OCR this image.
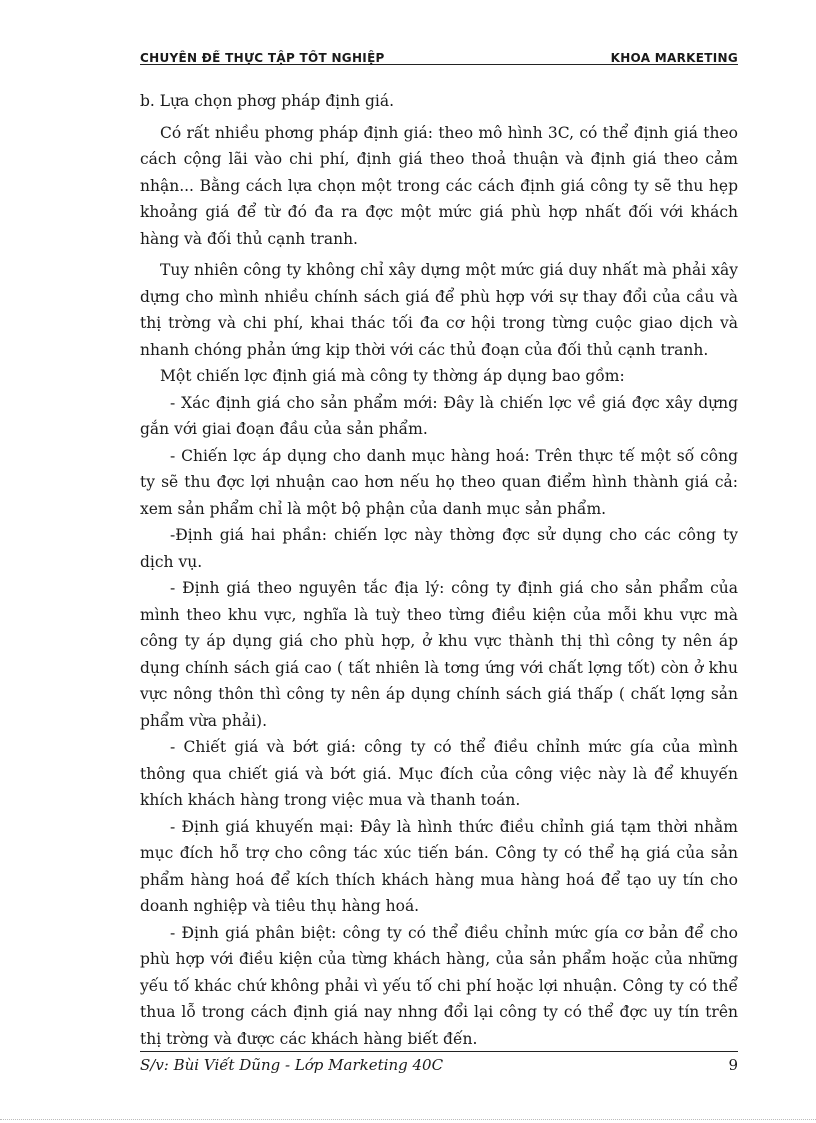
CHUYÊN ĐỀ THỰC TẬP TỐT NGHIỆP	KHOA MARKETING

b. Lựa chọn phơg pháp định giá.

Có rất nhiều phơng pháp định giá: theo mô hình 3C, có thể định giá theo cách cộng lãi vào chi phí, định giá theo thoả thuận và định giá theo cảm nhận... Bằng cách lựa chọn một trong các cách định giá công ty sẽ thu hẹp khoảng giá để từ đó đa ra đợc một mức giá phù hợp nhất đối với khách hàng và đối thủ cạnh tranh.

Tuy nhiên công ty không chỉ xây dựng một mức giá duy nhất mà phải xây dựng cho mình nhiều chính sách giá để phù hợp với sự thay đổi của cầu và thị trờng và chi phí, khai thác tối đa cơ hội trong từng cuộc giao dịch và nhanh chóng phản ứng kịp thời với các thủ đoạn của đối thủ cạnh tranh.

Một chiến lợc định giá mà công ty thờng áp dụng bao gồm:

- Xác định giá cho sản phẩm mới: Đây là chiến lợc về giá đợc xây dựng gắn với giai đoạn đầu của sản phẩm.

- Chiến lợc áp dụng cho danh mục hàng hoá: Trên thực tế một số công ty sẽ thu đợc lợi nhuận cao hơn nếu họ theo quan điểm hình thành giá cả: xem sản phẩm chỉ là một bộ phận của danh mục sản phẩm.

-Định giá hai phần: chiến lợc này thờng đợc sử dụng cho các công ty dịch vụ.

- Định giá theo nguyên tắc địa lý: công ty định giá cho sản phẩm của mình theo khu vực, nghĩa là tuỳ theo từng điều kiện của mỗi khu vực mà công ty áp dụng giá cho phù hợp, ở khu vực thành thị thì công ty nên áp dụng chính sách giá cao ( tất nhiên là tơng ứng với chất lợng tốt) còn ở khu vực nông thôn thì công ty nên áp dụng chính sách giá thấp ( chất lợng sản phẩm vừa phải).

- Chiết giá và bớt giá: công ty có thể điều chỉnh mức gía của mình thông qua chiết giá và bớt giá. Mục đích của công việc này là để khuyến khích khách hàng trong việc mua và thanh toán.

- Định giá khuyến mại: Đây là hình thức điều chỉnh giá tạm thời nhằm mục đích hỗ trợ cho công tác xúc tiến bán. Công ty có thể hạ giá của sản phẩm hàng hoá để kích thích khách hàng mua hàng hoá để tạo uy tín cho doanh nghiệp và tiêu thụ hàng hoá.

- Định giá phân biệt: công ty có thể điều chỉnh mức gía cơ bản để cho phù hợp với điều kiện của từng khách hàng, của sản phẩm hoặc của những yếu tố khác chứ không phải vì yếu tố chi phí hoặc lợi nhuận. Công ty có thể thua lỗ trong cách định giá nay nhng đổi lại công ty có thể đợc uy tín trên thị trờng và được các khách hàng biết đến.

S/v: Bùi Viết Dũng - Lớp Marketing 40C	9
